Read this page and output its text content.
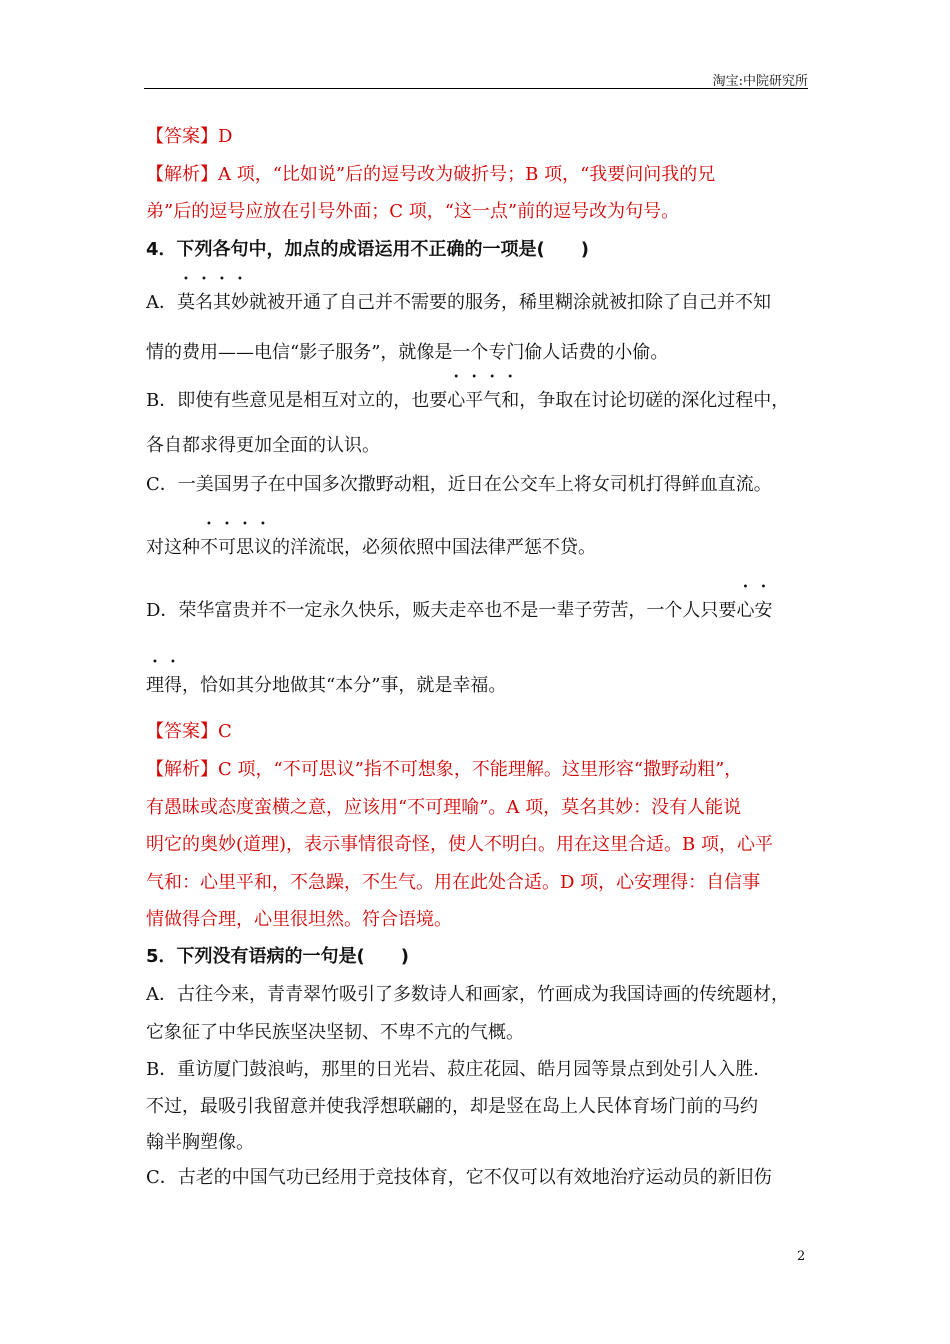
淘宝:中院研究所
【答案】D
【解析】A 项，“比如说”后的逗号改为破折号；B 项，“我要问问我的兄
弟”后的逗号应放在引号外面；C 项，“这一点”前的逗号改为句号。
4．下列各句中，加点的成语运用不正确的一项是(　　)
A．莫名其妙就被开通了自己并不需要的服务，稀里糊涂就被扣除了自己并不知
情的费用——电信“影子服务”，就像是一个专门偷人话费的小偷。
B．即使有些意见是相互对立的，也要心平气和，争取在讨论切磋的深化过程中，
各自都求得更加全面的认识。
C．一美国男子在中国多次撒野动粗，近日在公交车上将女司机打得鲜血直流。
对这种不可思议的洋流氓，必须依照中国法律严惩不贷。
D．荣华富贵并不一定永久快乐，贩夫走卒也不是一辈子劳苦，一个人只要心安
理得，恰如其分地做其“本分”事，就是幸福。
【答案】C
【解析】C 项，“不可思议”指不可想象，不能理解。这里形容“撒野动粗”，
有愚昧或态度蛮横之意，应该用“不可理喻”。A 项，莫名其妙：没有人能说
明它的奥妙(道理)，表示事情很奇怪，使人不明白。用在这里合适。B 项，心平
气和：心里平和，不急躁，不生气。用在此处合适。D 项，心安理得：自信事
情做得合理，心里很坦然。符合语境。
5．下列没有语病的一句是(　　)
A．古往今来，青青翠竹吸引了多数诗人和画家，竹画成为我国诗画的传统题材，
它象征了中华民族坚决坚韧、不卑不亢的气概。
B．重访厦门鼓浪屿，那里的日光岩、菽庄花园、皓月园等景点到处引人入胜．
不过，最吸引我留意并使我浮想联翩的，却是竖在岛上人民体育场门前的马约
翰半胸塑像。
C．古老的中国气功已经用于竞技体育，它不仅可以有效地治疗运动员的新旧伤
2
